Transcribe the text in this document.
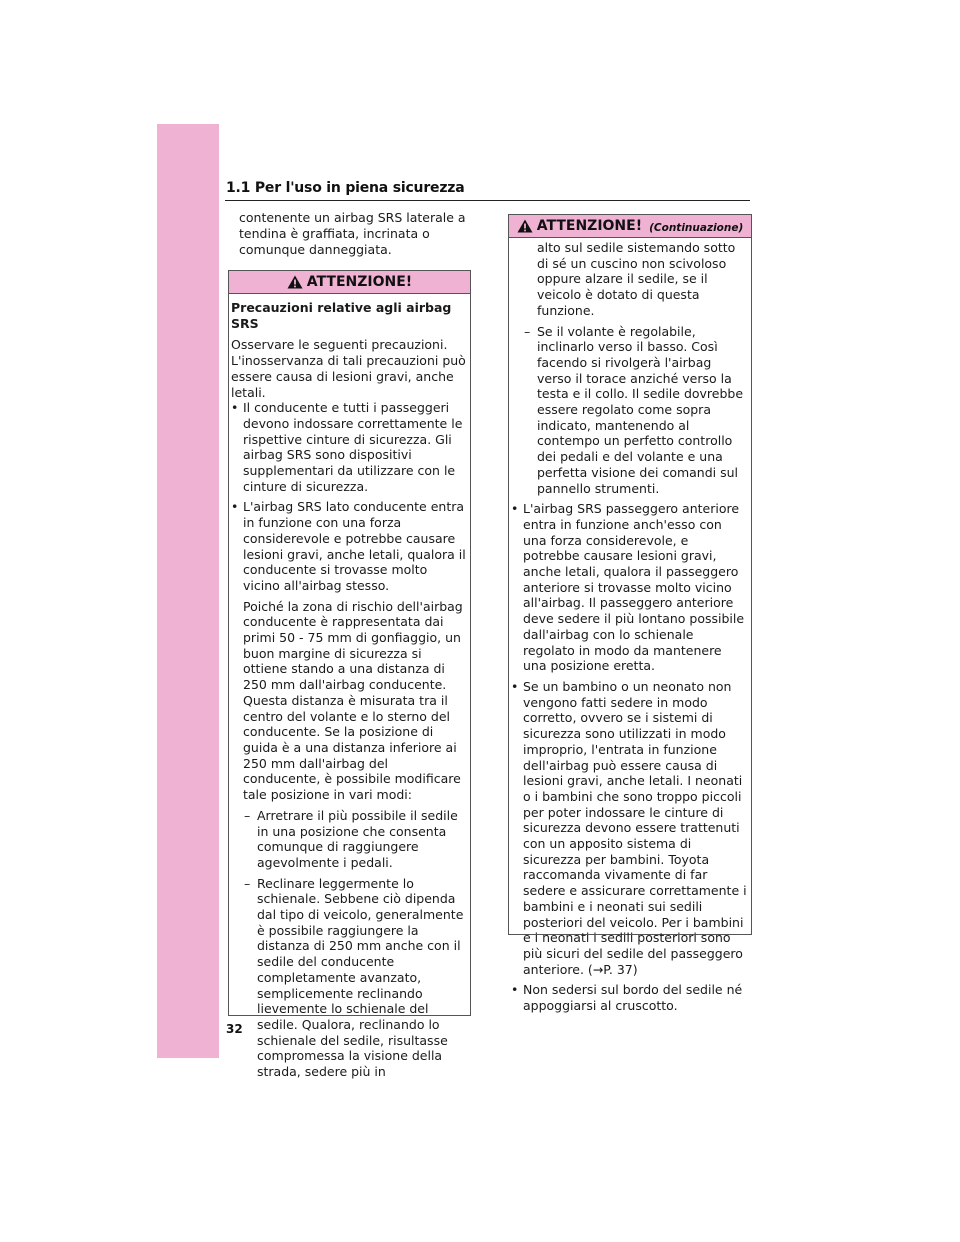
1.1 Per l'uso in piena sicurezza

contenente un airbag SRS laterale a tendina è graffiata, incrinata o comunque danneggiata.

ATTENZIONE!

Precauzioni relative agli airbag SRS

Osservare le seguenti precauzioni. L'inosservanza di tali precauzioni può essere causa di lesioni gravi, anche letali.

• Il conducente e tutti i passeggeri devono indossare correttamente le rispettive cinture di sicurezza. Gli airbag SRS sono dispositivi supplementari da utilizzare con le cinture di sicurezza.

• L'airbag SRS lato conducente entra in funzione con una forza considerevole e potrebbe causare lesioni gravi, anche letali, qualora il conducente si trovasse molto vicino all'airbag stesso.

Poiché la zona di rischio dell'airbag conducente è rappresentata dai primi 50 - 75 mm di gonfiaggio, un buon margine di sicurezza si ottiene stando a una distanza di 250 mm dall'airbag conducente. Questa distanza è misurata tra il centro del volante e lo sterno del conducente. Se la posizione di guida è a una distanza inferiore ai 250 mm dall'airbag del conducente, è possibile modificare tale posizione in vari modi:

– Arretrare il più possibile il sedile in una posizione che consenta comunque di raggiungere agevolmente i pedali.

– Reclinare leggermente lo schienale. Sebbene ciò dipenda dal tipo di veicolo, generalmente è possibile raggiungere la distanza di 250 mm anche con il sedile del conducente completamente avanzato, semplicemente reclinando lievemente lo schienale del sedile. Qualora, reclinando lo schienale del sedile, risultasse compromessa la visione della strada, sedere più in

ATTENZIONE! (Continuazione)

alto sul sedile sistemando sotto di sé un cuscino non scivoloso oppure alzare il sedile, se il veicolo è dotato di questa funzione.

– Se il volante è regolabile, inclinarlo verso il basso. Così facendo si rivolgerà l'airbag verso il torace anziché verso la testa e il collo. Il sedile dovrebbe essere regolato come sopra indicato, mantenendo al contempo un perfetto controllo dei pedali e del volante e una perfetta visione dei comandi sul pannello strumenti.

• L'airbag SRS passeggero anteriore entra in funzione anch'esso con una forza considerevole, e potrebbe causare lesioni gravi, anche letali, qualora il passeggero anteriore si trovasse molto vicino all'airbag. Il passeggero anteriore deve sedere il più lontano possibile dall'airbag con lo schienale regolato in modo da mantenere una posizione eretta.

• Se un bambino o un neonato non vengono fatti sedere in modo corretto, ovvero se i sistemi di sicurezza sono utilizzati in modo improprio, l'entrata in funzione dell'airbag può essere causa di lesioni gravi, anche letali. I neonati o i bambini che sono troppo piccoli per poter indossare le cinture di sicurezza devono essere trattenuti con un apposito sistema di sicurezza per bambini. Toyota raccomanda vivamente di far sedere e assicurare correttamente i bambini e i neonati sui sedili posteriori del veicolo. Per i bambini e i neonati i sedili posteriori sono più sicuri del sedile del passeggero anteriore. (→P. 37)

• Non sedersi sul bordo del sedile né appoggiarsi al cruscotto.

32
